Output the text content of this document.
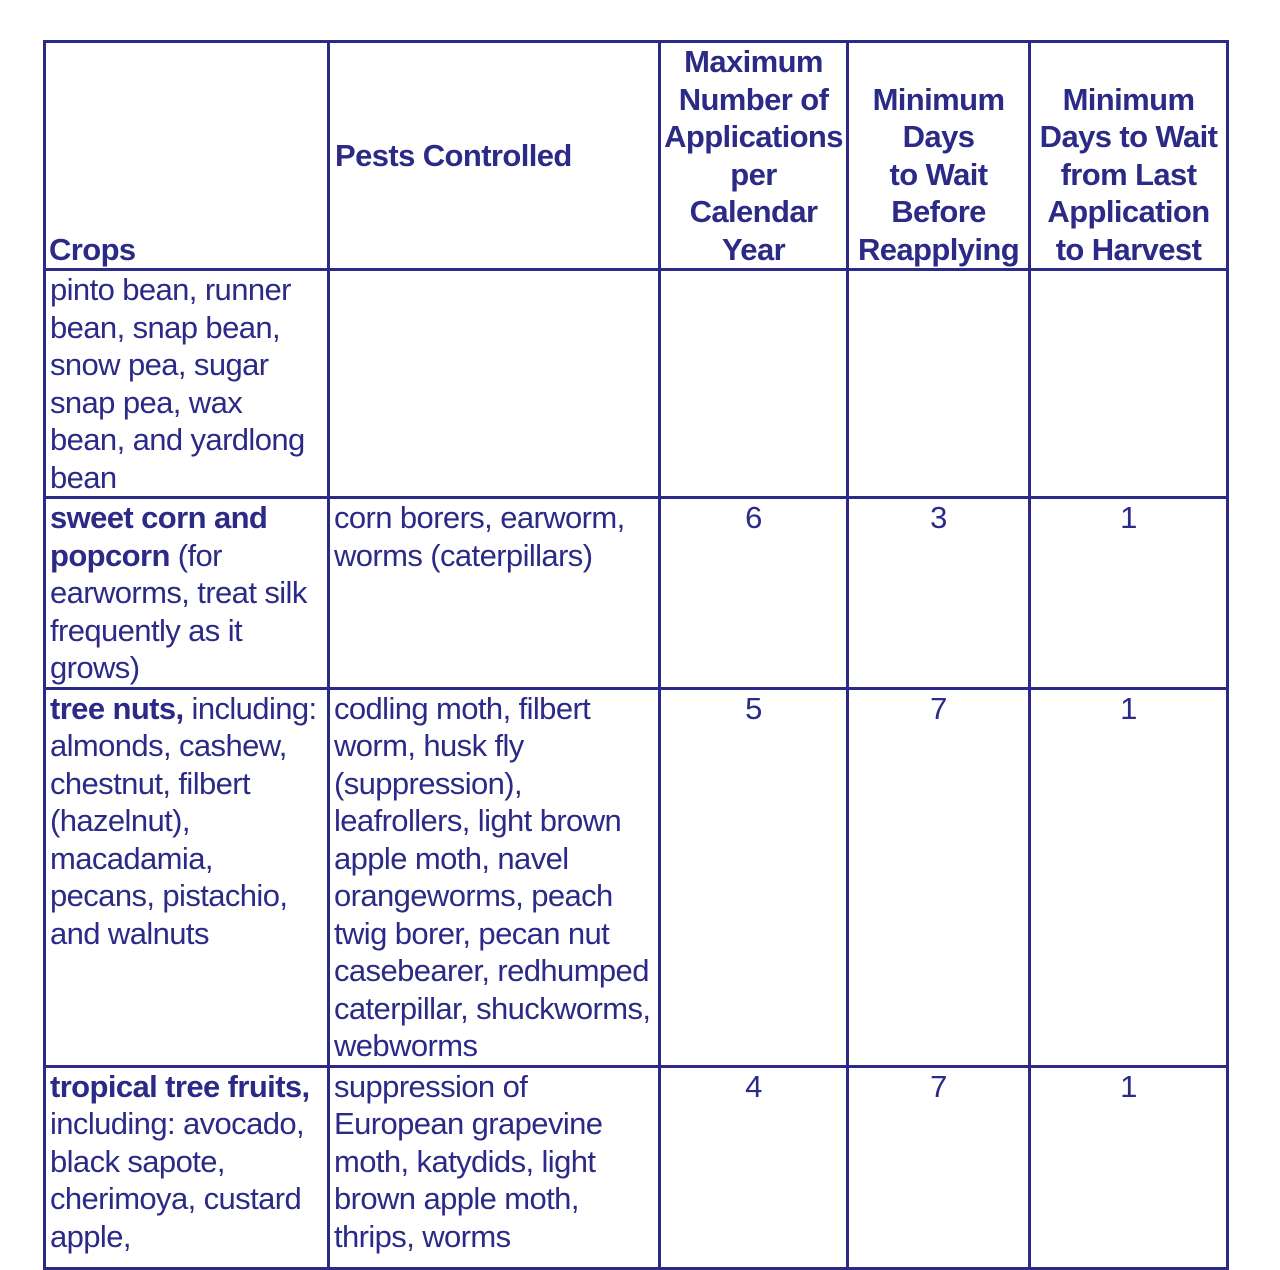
Crops	Pests Controlled	Maximum
Number of
Applications
per Calendar
Year	Minimum
Days
to Wait
Before
Reapplying	Minimum
Days to Wait
from Last
Application
to Harvest
pinto bean, runner bean, snap bean, snow pea, sugar snap pea, wax bean, and yardlong bean				
sweet corn and popcorn (for earworms, treat silk frequently as it grows)	corn borers, earworm, worms (caterpillars)	6	3	1
tree nuts, including: almonds, cashew, chestnut, filbert (hazelnut), macadamia, pecans, pistachio, and walnuts	codling moth, filbert worm, husk fly (suppression), leafrollers, light brown apple moth, navel orangeworms, peach twig borer, pecan nut casebearer, redhumped caterpillar, shuckworms, webworms	5	7	1
tropical tree fruits, including: avocado, black sapote, cherimoya, custard apple,	suppression of European grapevine moth, katydids, light brown apple moth, thrips, worms	4	7	1
